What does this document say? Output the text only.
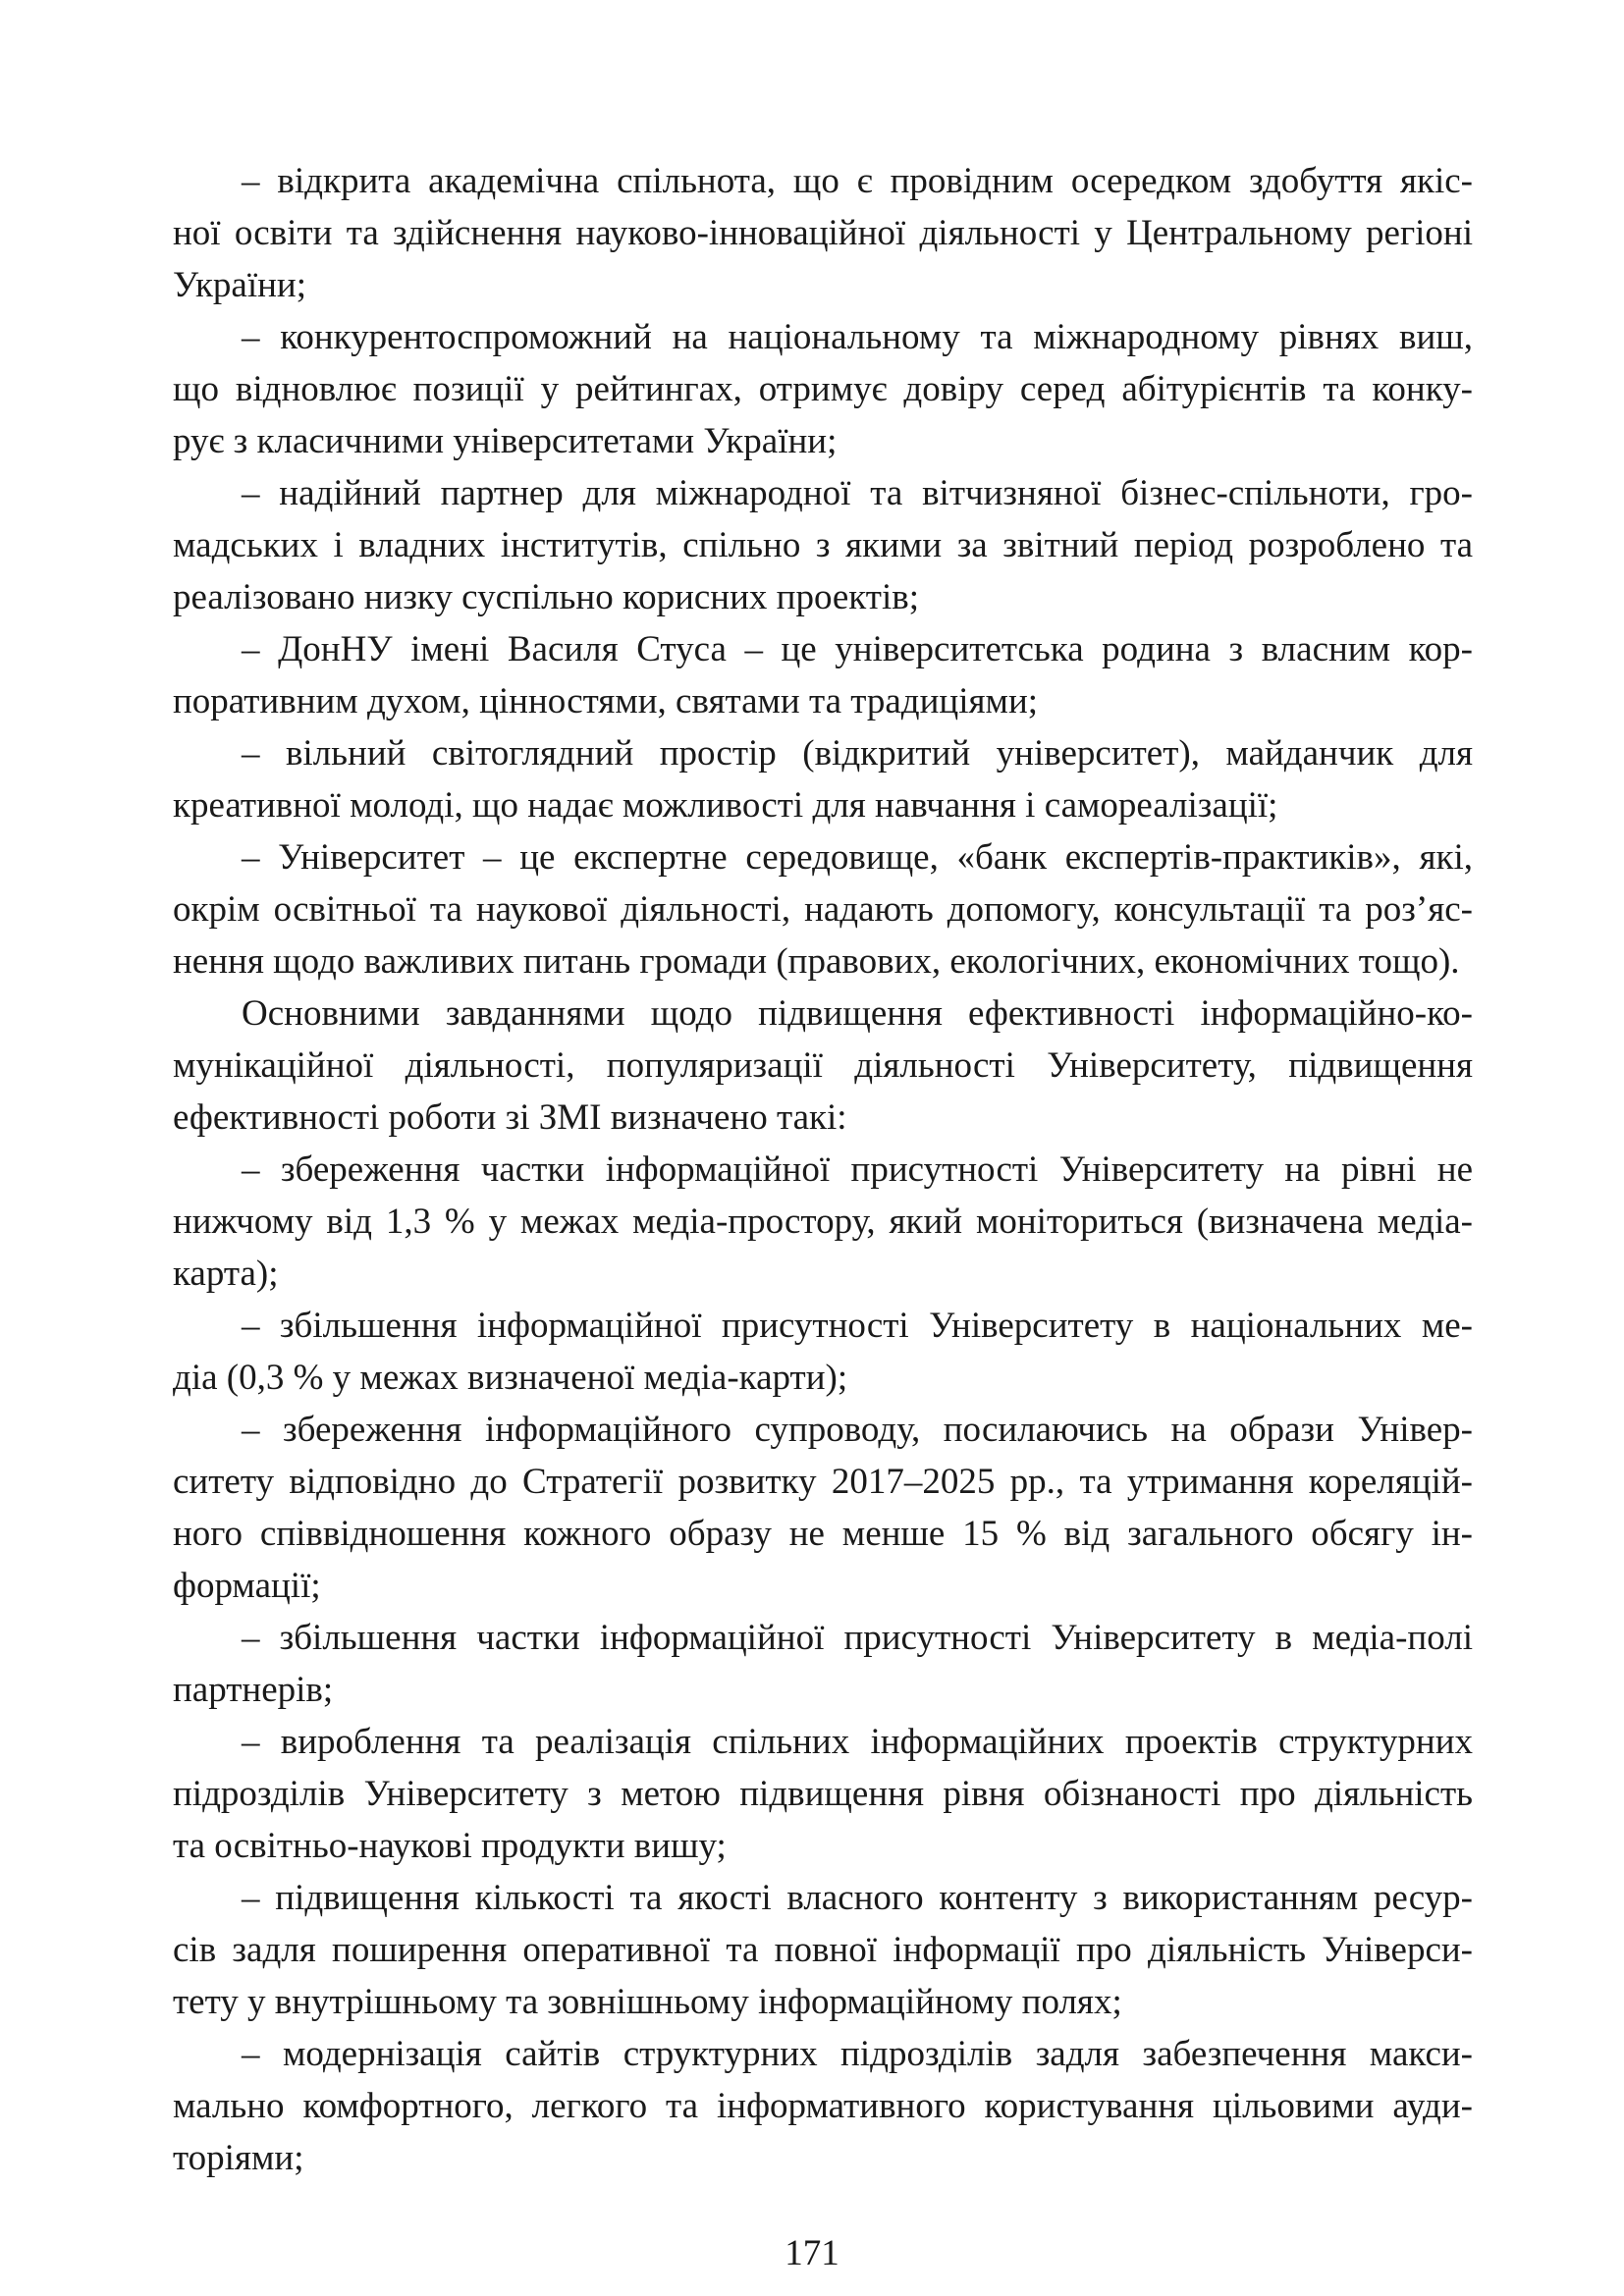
– відкрита академічна спільнота, що є провідним осередком здобуття якіс-
ної освіти та здійснення науково-інноваційної діяльності у Центральному регіоні
України;
– конкурентоспроможний на національному та міжнародному рівнях виш,
що відновлює позиції у рейтингах, отримує довіру серед абітурієнтів та конку-
рує з класичними університетами України;
– надійний партнер для міжнародної та вітчизняної бізнес-спільноти, гро-
мадських і владних інститутів, спільно з якими за звітний період розроблено та
реалізовано низку суспільно корисних проектів;
– ДонНУ імені Василя Стуса – це університетська родина з власним кор-
поративним духом, цінностями, святами та традиціями;
– вільний світоглядний простір (відкритий університет), майданчик для
креативної молоді, що надає можливості для навчання і самореалізації;
– Університет – це експертне середовище, «банк експертів-практиків», які,
окрім освітньої та наукової діяльності, надають допомогу, консультації та роз’яс-
нення щодо важливих питань громади (правових, екологічних, економічних тощо).
Основними завданнями щодо підвищення ефективності інформаційно-ко-
мунікаційної діяльності, популяризації діяльності Університету, підвищення
ефективності роботи зі ЗМІ визначено такі:
– збереження частки інформаційної присутності Університету на рівні не
нижчому від 1,3 % у межах медіа-простору, який моніториться (визначена медіа-
карта);
– збільшення інформаційної присутності Університету в національних ме-
діа (0,3 % у межах визначеної медіа-карти);
– збереження інформаційного супроводу, посилаючись на образи Універ-
ситету відповідно до Стратегії розвитку 2017–2025 рр., та утримання кореляцій-
ного співвідношення кожного образу не менше 15 % від загального обсягу ін-
формації;
– збільшення частки інформаційної присутності Університету в медіа-полі
партнерів;
– вироблення та реалізація спільних інформаційних проектів структурних
підрозділів Університету з метою підвищення рівня обізнаності про діяльність
та освітньо-наукові продукти вишу;
– підвищення кількості та якості власного контенту з використанням ресур-
сів задля поширення оперативної та повної інформації про діяльність Універси-
тету у внутрішньому та зовнішньому інформаційному полях;
– модернізація сайтів структурних підрозділів задля забезпечення макси-
мально комфортного, легкого та інформативного користування цільовими ауди-
торіями;
171
